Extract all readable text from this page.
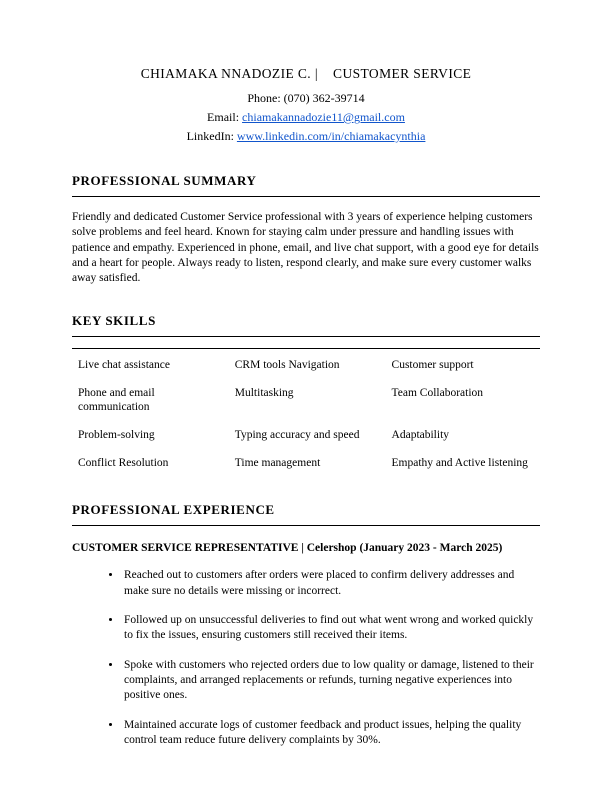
CHIAMAKA NNADOZIE C. |    CUSTOMER SERVICE
Phone: (070) 362-39714
Email: chiamakannadozie11@gmail.com
LinkedIn: www.linkedin.com/in/chiamakacynthia
PROFESSIONAL SUMMARY

Friendly and dedicated Customer Service professional with 3 years of experience helping customers solve problems and feel heard. Known for staying calm under pressure and handling issues with patience and empathy. Experienced in phone, email, and live chat support, with a good eye for details and a heart for people. Always ready to listen, respond clearly, and make sure every customer walks away satisfied.

KEY SKILLS
Live chat assistance	CRM tools Navigation	Customer support
Phone and email communication	Multitasking	Team Collaboration
Problem-solving	Typing accuracy and speed	Adaptability
Conflict Resolution	Time management	Empathy and Active listening
PROFESSIONAL EXPERIENCE
CUSTOMER SERVICE REPRESENTATIVE | Celershop (January 2023 - March 2025)
• Reached out to customers after orders were placed to confirm delivery addresses and make sure no details were missing or incorrect.
• Followed up on unsuccessful deliveries to find out what went wrong and worked quickly to fix the issues, ensuring customers still received their items.
• Spoke with customers who rejected orders due to low quality or damage, listened to their complaints, and arranged replacements or refunds, turning negative experiences into positive ones.
• Maintained accurate logs of customer feedback and product issues, helping the quality control team reduce future delivery complaints by 30%.
